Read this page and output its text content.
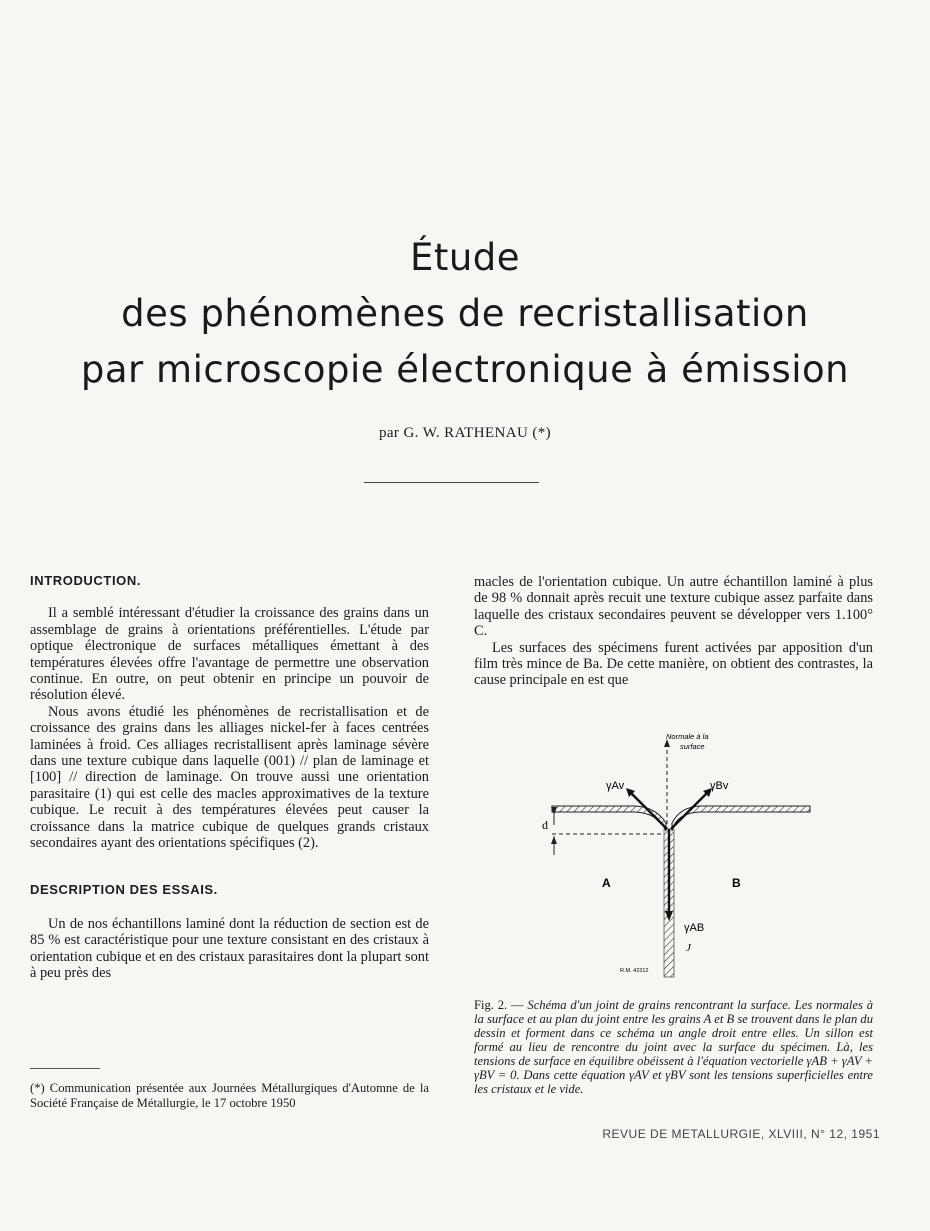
Étude
des phénomènes de recristallisation
par microscopie électronique à émission
par G. W. RATHENAU (*)

INTRODUCTION.

Il a semblé intéressant d'étudier la croissance des grains dans un assemblage de grains à orientations préférentielles. L'étude par optique électronique de surfaces métalliques émettant à des températures élevées offre l'avantage de permettre une observation continue. En outre, on peut obtenir en principe un pouvoir de résolution élevé.

Nous avons étudié les phénomènes de recristallisation et de croissance des grains dans les alliages nickel-fer à faces centrées laminées à froid. Ces alliages recristallisent après laminage sévère dans une texture cubique dans laquelle (001) // plan de laminage et [100] // direction de laminage. On trouve aussi une orientation parasitaire (1) qui est celle des macles approximatives de la texture cubique. Le recuit à des températures élevées peut causer la croissance dans la matrice cubique de quelques grands cristaux secondaires ayant des orientations spécifiques (2).

DESCRIPTION DES ESSAIS.

Un de nos échantillons laminé dont la réduction de section est de 85 % est caractéristique pour une texture consistant en des cristaux à orientation cubique et en des cristaux parasitaires dont la plupart sont à peu près des

(*) Communication présentée aux Journées Métallurgiques d'Automne de la Société Française de Métallurgie, le 17 octobre 1950

macles de l'orientation cubique. Un autre échantillon laminé à plus de 98 % donnait après recuit une texture cubique assez parfaite dans laquelle des cristaux secondaires peuvent se développer vers 1.100° C.

Les surfaces des spécimens furent activées par apposition d'un film très mince de Ba. De cette manière, on obtient des contrastes, la cause principale en est que

Normale à la
surface
γAv	γBv
γAB
A	B
d
J
R.M. 42312
Fig. 2. — Schéma d'un joint de grains rencontrant la surface. Les normales à la surface et au plan du joint entre les grains A et B se trouvent dans le plan du dessin et forment dans ce schéma un angle droit entre elles. Un sillon est formé au lieu de rencontre du joint avec la surface du spécimen. Là, les tensions de surface en équilibre obéissent à l'équation vectorielle γAB + γAV + γBV = 0. Dans cette équation γAV et γBV sont les tensions superficielles entre les cristaux et le vide.
REVUE DE METALLURGIE, XLVIII, N° 12, 1951
